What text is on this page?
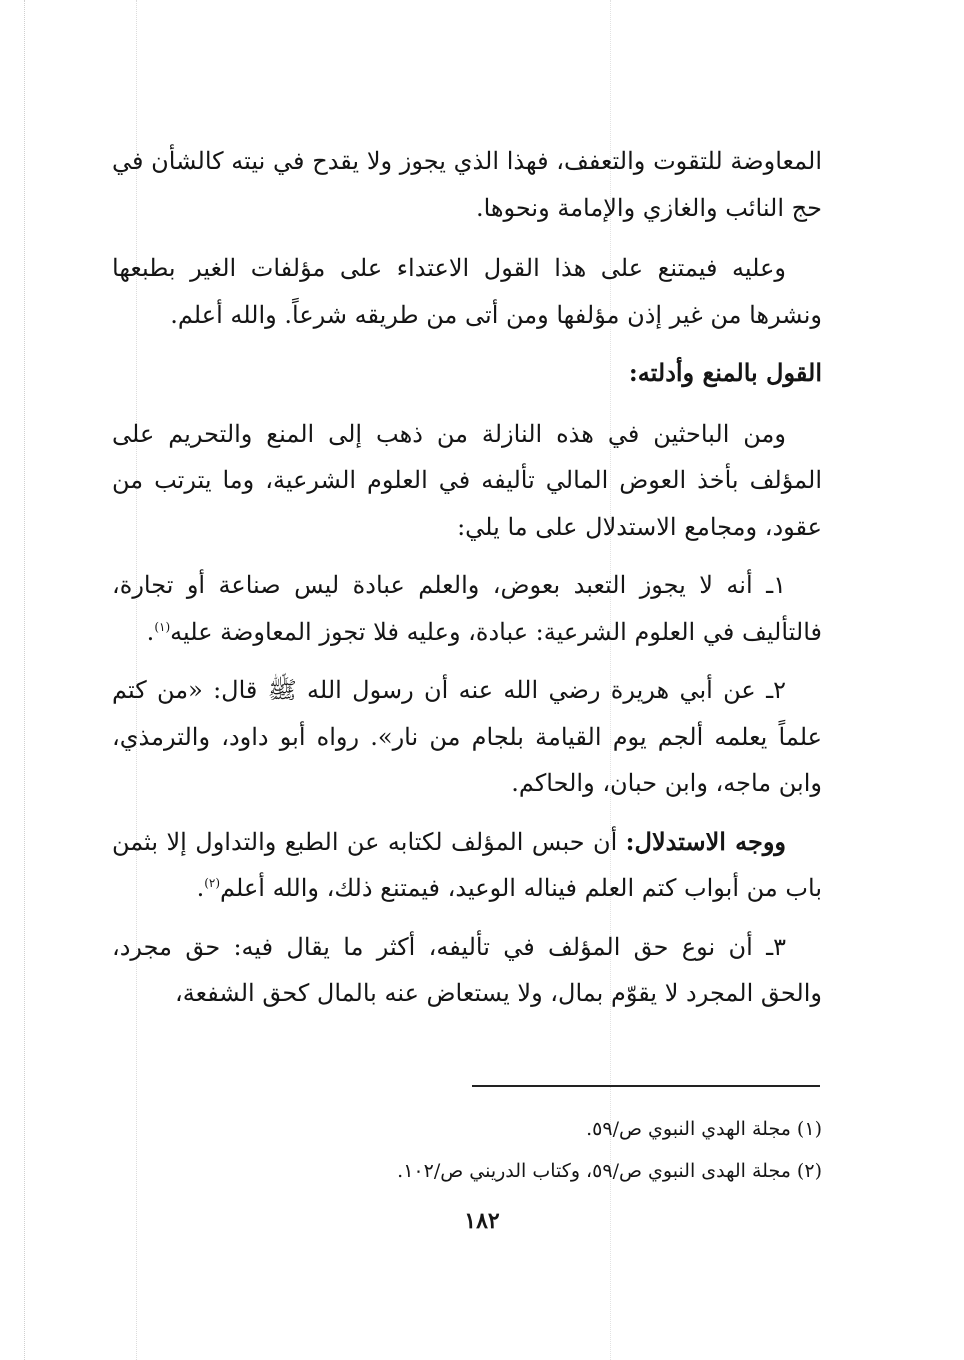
المعاوضة للتقوت والتعفف، فهذا الذي يجوز ولا يقدح في نيته كالشأن في حج النائب والغازي والإمامة ونحوها.

وعليه فيمتنع على هذا القول الاعتداء على مؤلفات الغير بطبعها ونشرها من غير إذن مؤلفها ومن أتى من طريقه شرعاً. والله أعلم.

القول بالمنع وأدلته:

ومن الباحثين في هذه النازلة من ذهب إلى المنع والتحريم على المؤلف بأخذ العوض المالي تأليفه في العلوم الشرعية، وما يترتب من عقود، ومجامع الاستدلال على ما يلي:

١ـ أنه لا يجوز التعبد بعوض، والعلم عبادة ليس صناعة أو تجارة، فالتأليف في العلوم الشرعية: عبادة، وعليه فلا تجوز المعاوضة عليه$^{(١)}$.

٢ـ عن أبي هريرة رضي الله عنه أن رسول الله ﷺ قال: «من كتم علماً يعلمه ألجم يوم القيامة بلجام من نار». رواه أبو داود، والترمذي، وابن ماجه، وابن حبان، والحاكم.

ووجه الاستدلال: أن حبس المؤلف لكتابه عن الطبع والتداول إلا بثمن باب من أبواب كتم العلم فيناله الوعيد، فيمتنع ذلك، والله أعلم$^{(٢)}$.

٣ـ أن نوع حق المؤلف في تأليفه، أكثر ما يقال فيه: حق مجرد، والحق المجرد لا يقوّم بمال، ولا يستعاض عنه بالمال كحق الشفعة،

(١) مجلة الهدي النبوي ص/٥٩.

(٢) مجلة الهدى النبوي ص/٥٩، وكتاب الدريني ص/١٠٢.

١٨٢
